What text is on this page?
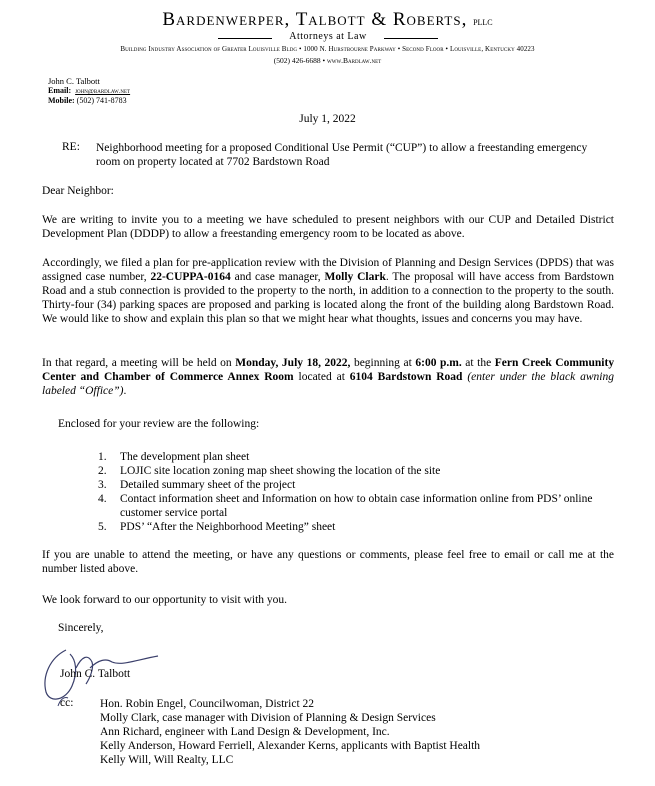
Bardenwerper, Talbott & Roberts, pllc
Attorneys at Law
Building Industry Association of Greater Louisville Bldg • 1000 N. Hurstbourne Parkway • Second Floor • Louisville, Kentucky 40223
(502) 426-6688 • www.Bardlaw.net
John C. Talbott
Email: john@bardlaw.net
Mobile: (502) 741-8783
July 1, 2022
RE: Neighborhood meeting for a proposed Conditional Use Permit (“CUP”) to allow a freestanding emergency room on property located at 7702 Bardstown Road
Dear Neighbor:
We are writing to invite you to a meeting we have scheduled to present neighbors with our CUP and Detailed District Development Plan (DDDP) to allow a freestanding emergency room to be located as above.
Accordingly, we filed a plan for pre-application review with the Division of Planning and Design Services (DPDS) that was assigned case number, 22-CUPPA-0164 and case manager, Molly Clark. The proposal will have access from Bardstown Road and a stub connection is provided to the property to the north, in addition to a connection to the property to the south. Thirty-four (34) parking spaces are proposed and parking is located along the front of the building along Bardstown Road. We would like to show and explain this plan so that we might hear what thoughts, issues and concerns you may have.
In that regard, a meeting will be held on Monday, July 18, 2022, beginning at 6:00 p.m. at the Fern Creek Community Center and Chamber of Commerce Annex Room located at 6104 Bardstown Road (enter under the black awning labeled “Office”).
Enclosed for your review are the following:
1. The development plan sheet
2. LOJIC site location zoning map sheet showing the location of the site
3. Detailed summary sheet of the project
4. Contact information sheet and Information on how to obtain case information online from PDS’ online customer service portal
5. PDS’ “After the Neighborhood Meeting” sheet
If you are unable to attend the meeting, or have any questions or comments, please feel free to email or call me at the number listed above.
We look forward to our opportunity to visit with you.
Sincerely,
John C. Talbott
cc: Hon. Robin Engel, Councilwoman, District 22
Molly Clark, case manager with Division of Planning & Design Services
Ann Richard, engineer with Land Design & Development, Inc.
Kelly Anderson, Howard Ferriell, Alexander Kerns, applicants with Baptist Health
Kelly Will, Will Realty, LLC
